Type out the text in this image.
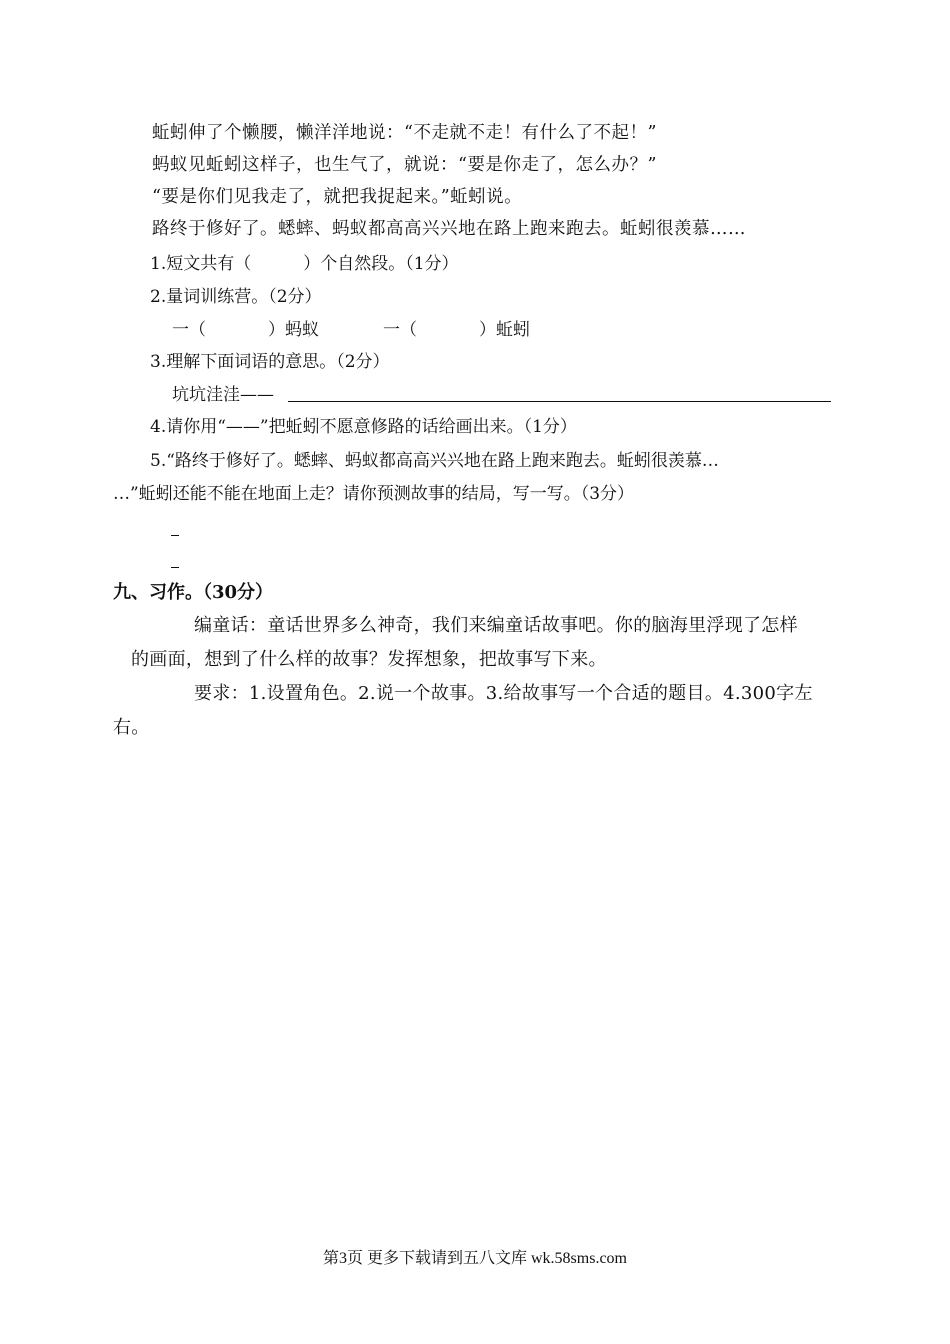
蚯蚓伸了个懒腰，懒洋洋地说：“不走就不走！有什么了不起！”
蚂蚁见蚯蚓这样子，也生气了，就说：“要是你走了，怎么办？”
“要是你们见我走了，就把我捉起来。”蚯蚓说。
路终于修好了。蟋蟀、蚂蚁都高高兴兴地在路上跑来跑去。蚯蚓很羡慕……
1.短文共有（	）个自然段。（1分）
2.量词训练营。（2分）
一（	）蚂蚁	一（	）蚯蚓
3.理解下面词语的意思。（2分）
坑坑洼洼——
4.请你用“——”把蚯蚓不愿意修路的话给画出来。（1分）
5.“路终于修好了。蟋蟀、蚂蚁都高高兴兴地在路上跑来跑去。蚯蚓很羡慕…
…”蚯蚓还能不能在地面上走？请你预测故事的结局，写一写。（3分）
九、习作。（30分）
编童话：童话世界多么神奇，我们来编童话故事吧。你的脑海里浮现了怎样
的画面，想到了什么样的故事？发挥想象，把故事写下来。
要求：1.设置角色。2.说一个故事。3.给故事写一个合适的题目。4.300字左
右。
第3页 更多下载请到五八文库 wk.58sms.com
